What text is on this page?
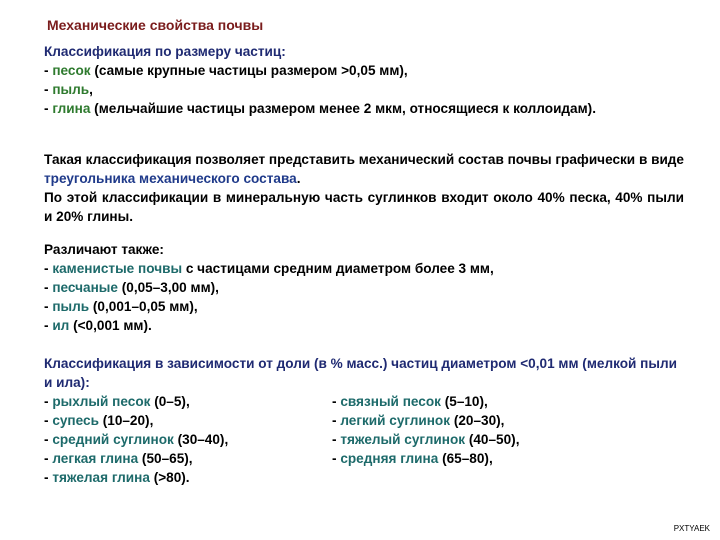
Механические свойства почвы
Классификация по размеру частиц:
- песок (самые крупные частицы размером >0,05 мм),
- пыль,
- глина (мельчайшие частицы размером менее 2 мкм, относящиеся к коллоидам).
Такая классификация позволяет представить механический состав почвы графически в виде треугольника механического состава.
По этой классификации в минеральную часть суглинков входит около 40% песка, 40% пыли и 20% глины.
Различают также:
- каменистые почвы с частицами средним диаметром более 3 мм,
- песчаные (0,05–3,00 мм),
- пыль (0,001–0,05 мм),
- ил (<0,001 мм).
Классификация в зависимости от доли (в % масс.) частиц диаметром <0,01 мм (мелкой пыли и ила):
- рыхлый песок (0–5),
- супесь (10–20),
- средний суглинок (30–40),
- легкая глина (50–65),
- тяжелая глина (>80).
- связный песок (5–10),
- легкий суглинок (20–30),
- тяжелый суглинок (40–50),
- средняя глина (65–80),
PXTYAEK
